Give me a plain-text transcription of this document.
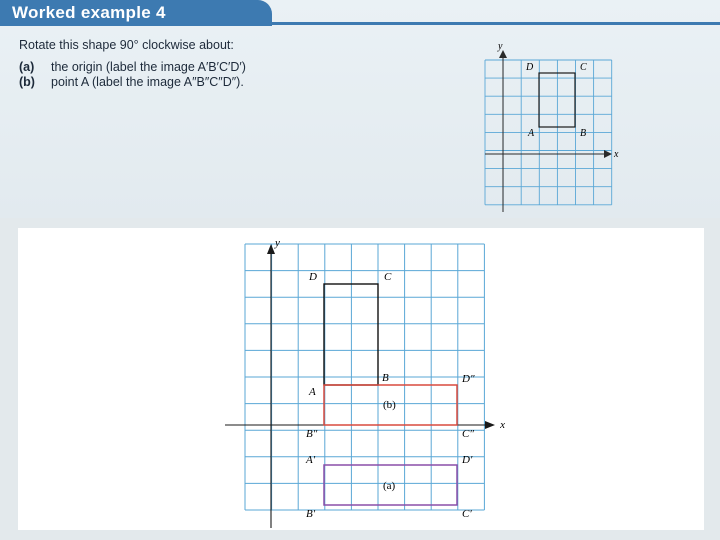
Worked example 4
Rotate this shape 90° clockwise about:
(a) the origin (label the image A′B′C′D′)
(b) point A (label the image A″B″C″D″).
D	C
A	B
x
y
D	C
A
B	D″
C″
B″
A′	D′
B′	C′
(b)
(a)
x
y
